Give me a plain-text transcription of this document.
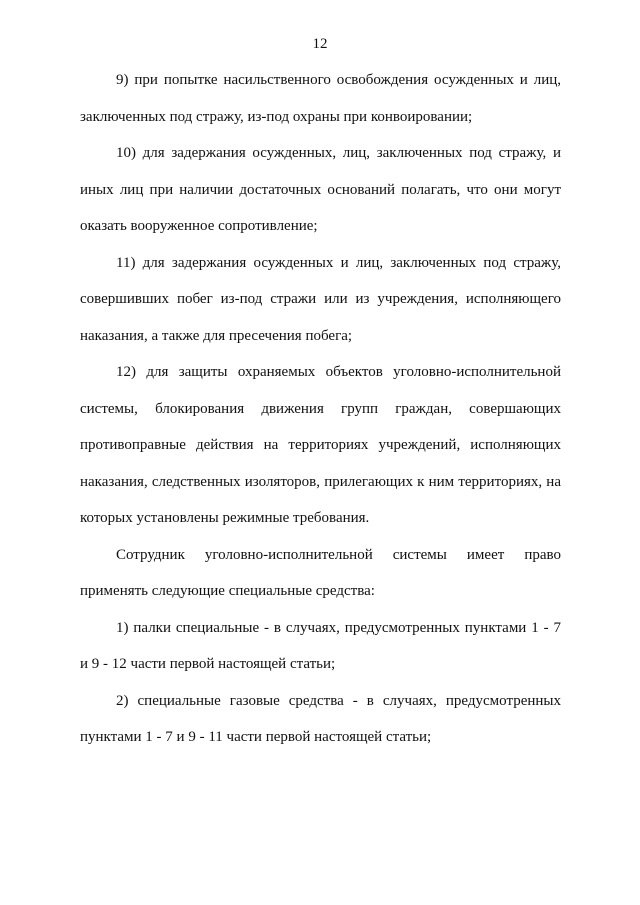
12

9) при попытке насильственного освобождения осужденных и лиц, заключенных под стражу, из-под охраны при конвоировании;

10) для задержания осужденных, лиц, заключенных под стражу, и иных лиц при наличии достаточных оснований полагать, что они могут оказать вооруженное сопротивление;

11) для задержания осужденных и лиц, заключенных под стражу, совершивших побег из-под стражи или из учреждения, исполняющего наказания, а также для пресечения побега;

12) для защиты охраняемых объектов уголовно-исполнительной системы, блокирования движения групп граждан, совершающих противоправные действия на территориях учреждений, исполняющих наказания, следственных изоляторов, прилегающих к ним территориях, на которых установлены режимные требования.

Сотрудник уголовно-исполнительной системы имеет право применять следующие специальные средства:

1) палки специальные - в случаях, предусмотренных пунктами 1 - 7 и 9 - 12 части первой настоящей статьи;

2) специальные газовые средства - в случаях, предусмотренных пунктами 1 - 7 и 9 - 11 части первой настоящей статьи;
